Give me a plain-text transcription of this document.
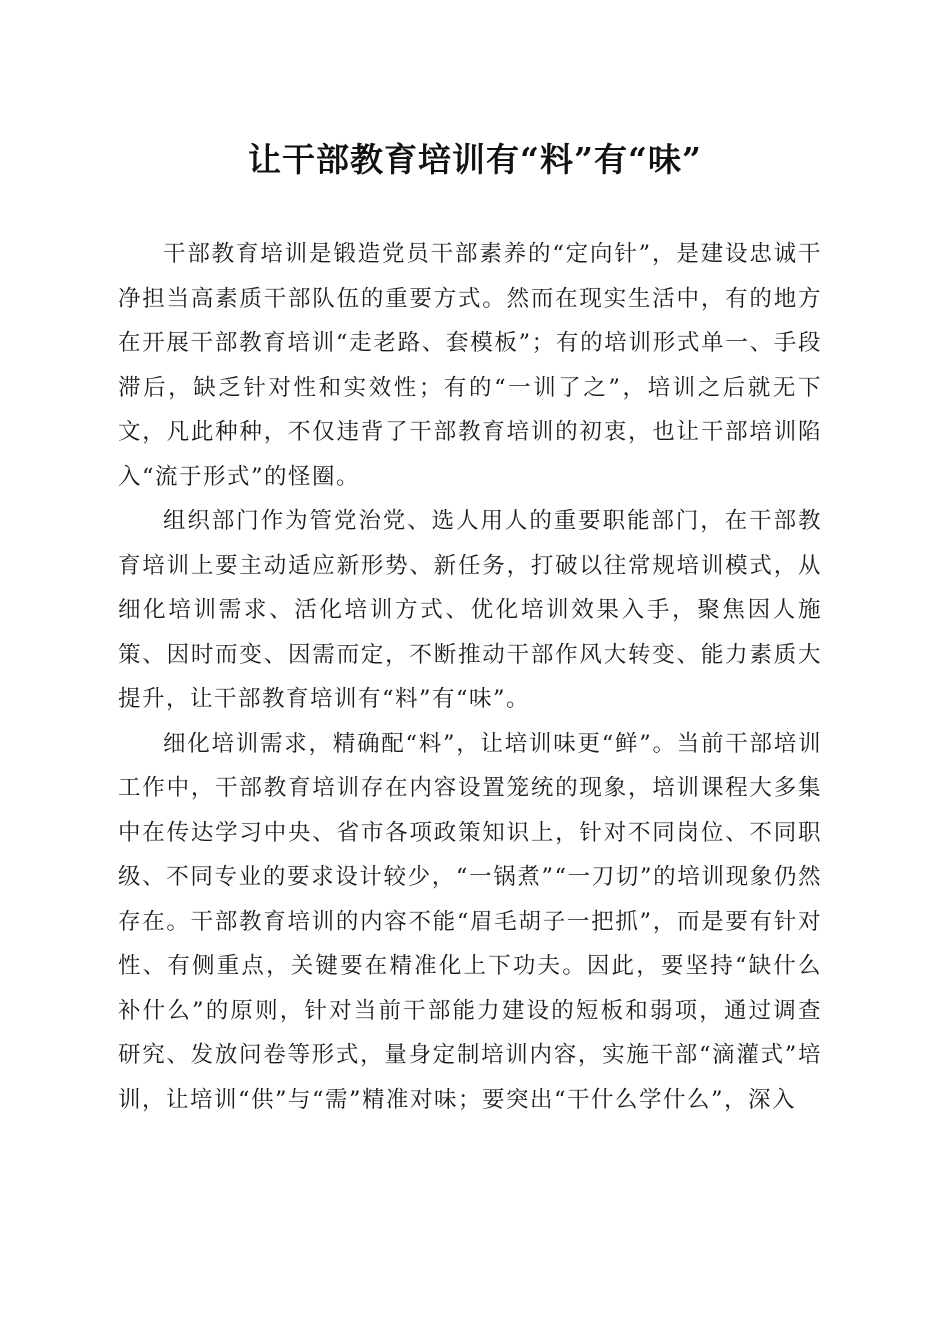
让干部教育培训有“料”有“味”

干部教育培训是锻造党员干部素养的“定向针”，是建设忠诚干净担当高素质干部队伍的重要方式。然而在现实生活中，有的地方在开展干部教育培训“走老路、套模板”；有的培训形式单一、手段滞后，缺乏针对性和实效性；有的“一训了之”，培训之后就无下文，凡此种种，不仅违背了干部教育培训的初衷，也让干部培训陷入“流于形式”的怪圈。

组织部门作为管党治党、选人用人的重要职能部门，在干部教育培训上要主动适应新形势、新任务，打破以往常规培训模式，从细化培训需求、活化培训方式、优化培训效果入手，聚焦因人施策、因时而变、因需而定，不断推动干部作风大转变、能力素质大提升，让干部教育培训有“料”有“味”。

细化培训需求，精确配“料”，让培训味更“鲜”。当前干部培训工作中，干部教育培训存在内容设置笼统的现象，培训课程大多集中在传达学习中央、省市各项政策知识上，针对不同岗位、不同职级、不同专业的要求设计较少，“一锅煮”“一刀切”的培训现象仍然存在。干部教育培训的内容不能“眉毛胡子一把抓”，而是要有针对性、有侧重点，关键要在精准化上下功夫。因此，要坚持“缺什么补什么”的原则，针对当前干部能力建设的短板和弱项，通过调查研究、发放问卷等形式，量身定制培训内容，实施干部“滴灌式”培训，让培训“供”与“需”精准对味；要突出“干什么学什么”，深入
